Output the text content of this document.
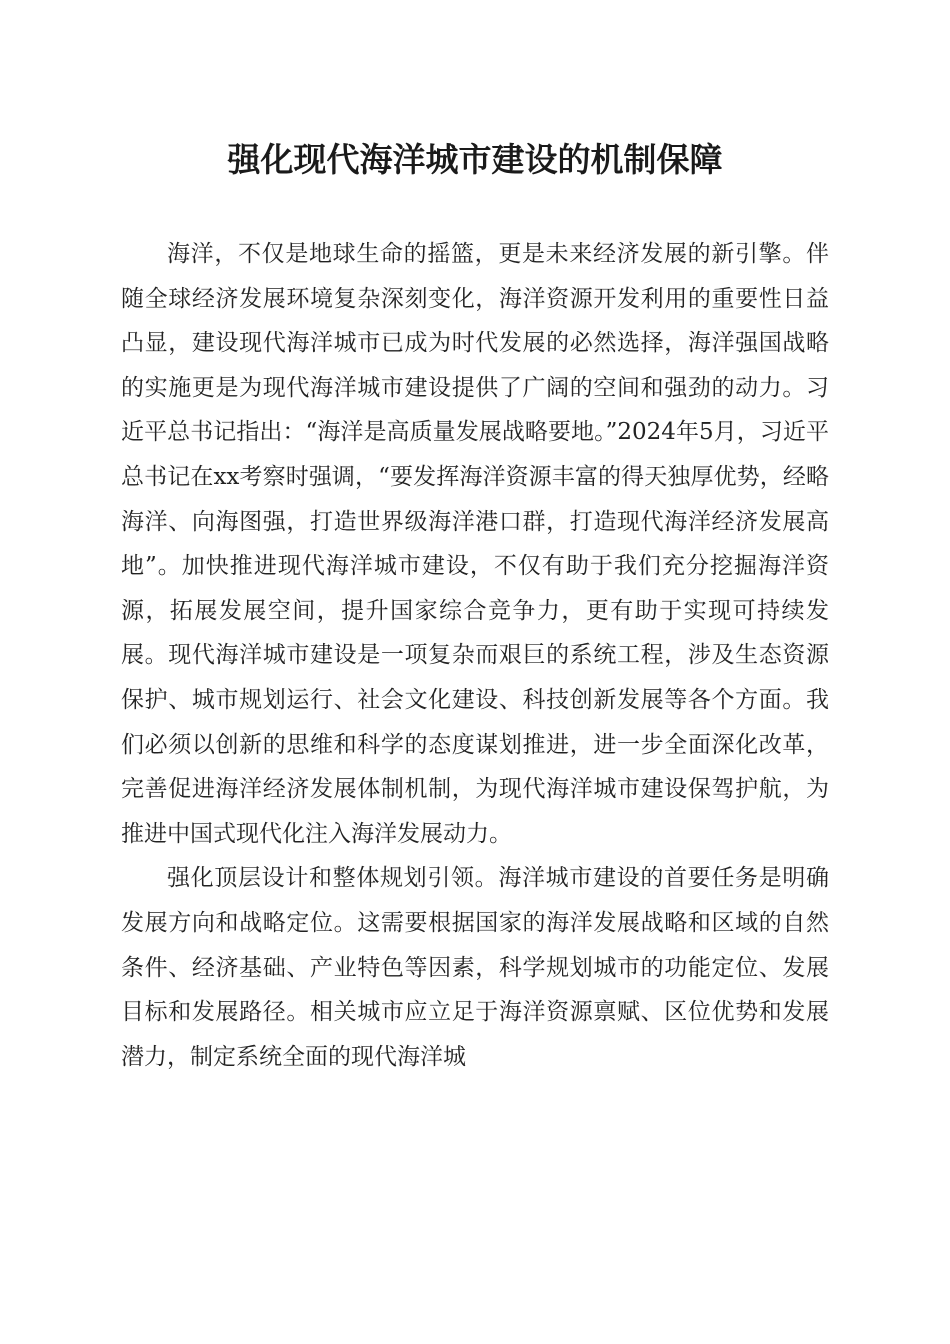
强化现代海洋城市建设的机制保障

海洋，不仅是地球生命的摇篮，更是未来经济发展的新引擎。伴随全球经济发展环境复杂深刻变化，海洋资源开发利用的重要性日益凸显，建设现代海洋城市已成为时代发展的必然选择，海洋强国战略的实施更是为现代海洋城市建设提供了广阔的空间和强劲的动力。习近平总书记指出：“海洋是高质量发展战略要地。”2024年5月，习近平总书记在xx考察时强调，“要发挥海洋资源丰富的得天独厚优势，经略海洋、向海图强，打造世界级海洋港口群，打造现代海洋经济发展高地”。加快推进现代海洋城市建设，不仅有助于我们充分挖掘海洋资源，拓展发展空间，提升国家综合竞争力，更有助于实现可持续发展。现代海洋城市建设是一项复杂而艰巨的系统工程，涉及生态资源保护、城市规划运行、社会文化建设、科技创新发展等各个方面。我们必须以创新的思维和科学的态度谋划推进，进一步全面深化改革，完善促进海洋经济发展体制机制，为现代海洋城市建设保驾护航，为推进中国式现代化注入海洋发展动力。

强化顶层设计和整体规划引领。海洋城市建设的首要任务是明确发展方向和战略定位。这需要根据国家的海洋发展战略和区域的自然条件、经济基础、产业特色等因素，科学规划城市的功能定位、发展目标和发展路径。相关城市应立足于海洋资源禀赋、区位优势和发展潜力，制定系统全面的现代海洋城
